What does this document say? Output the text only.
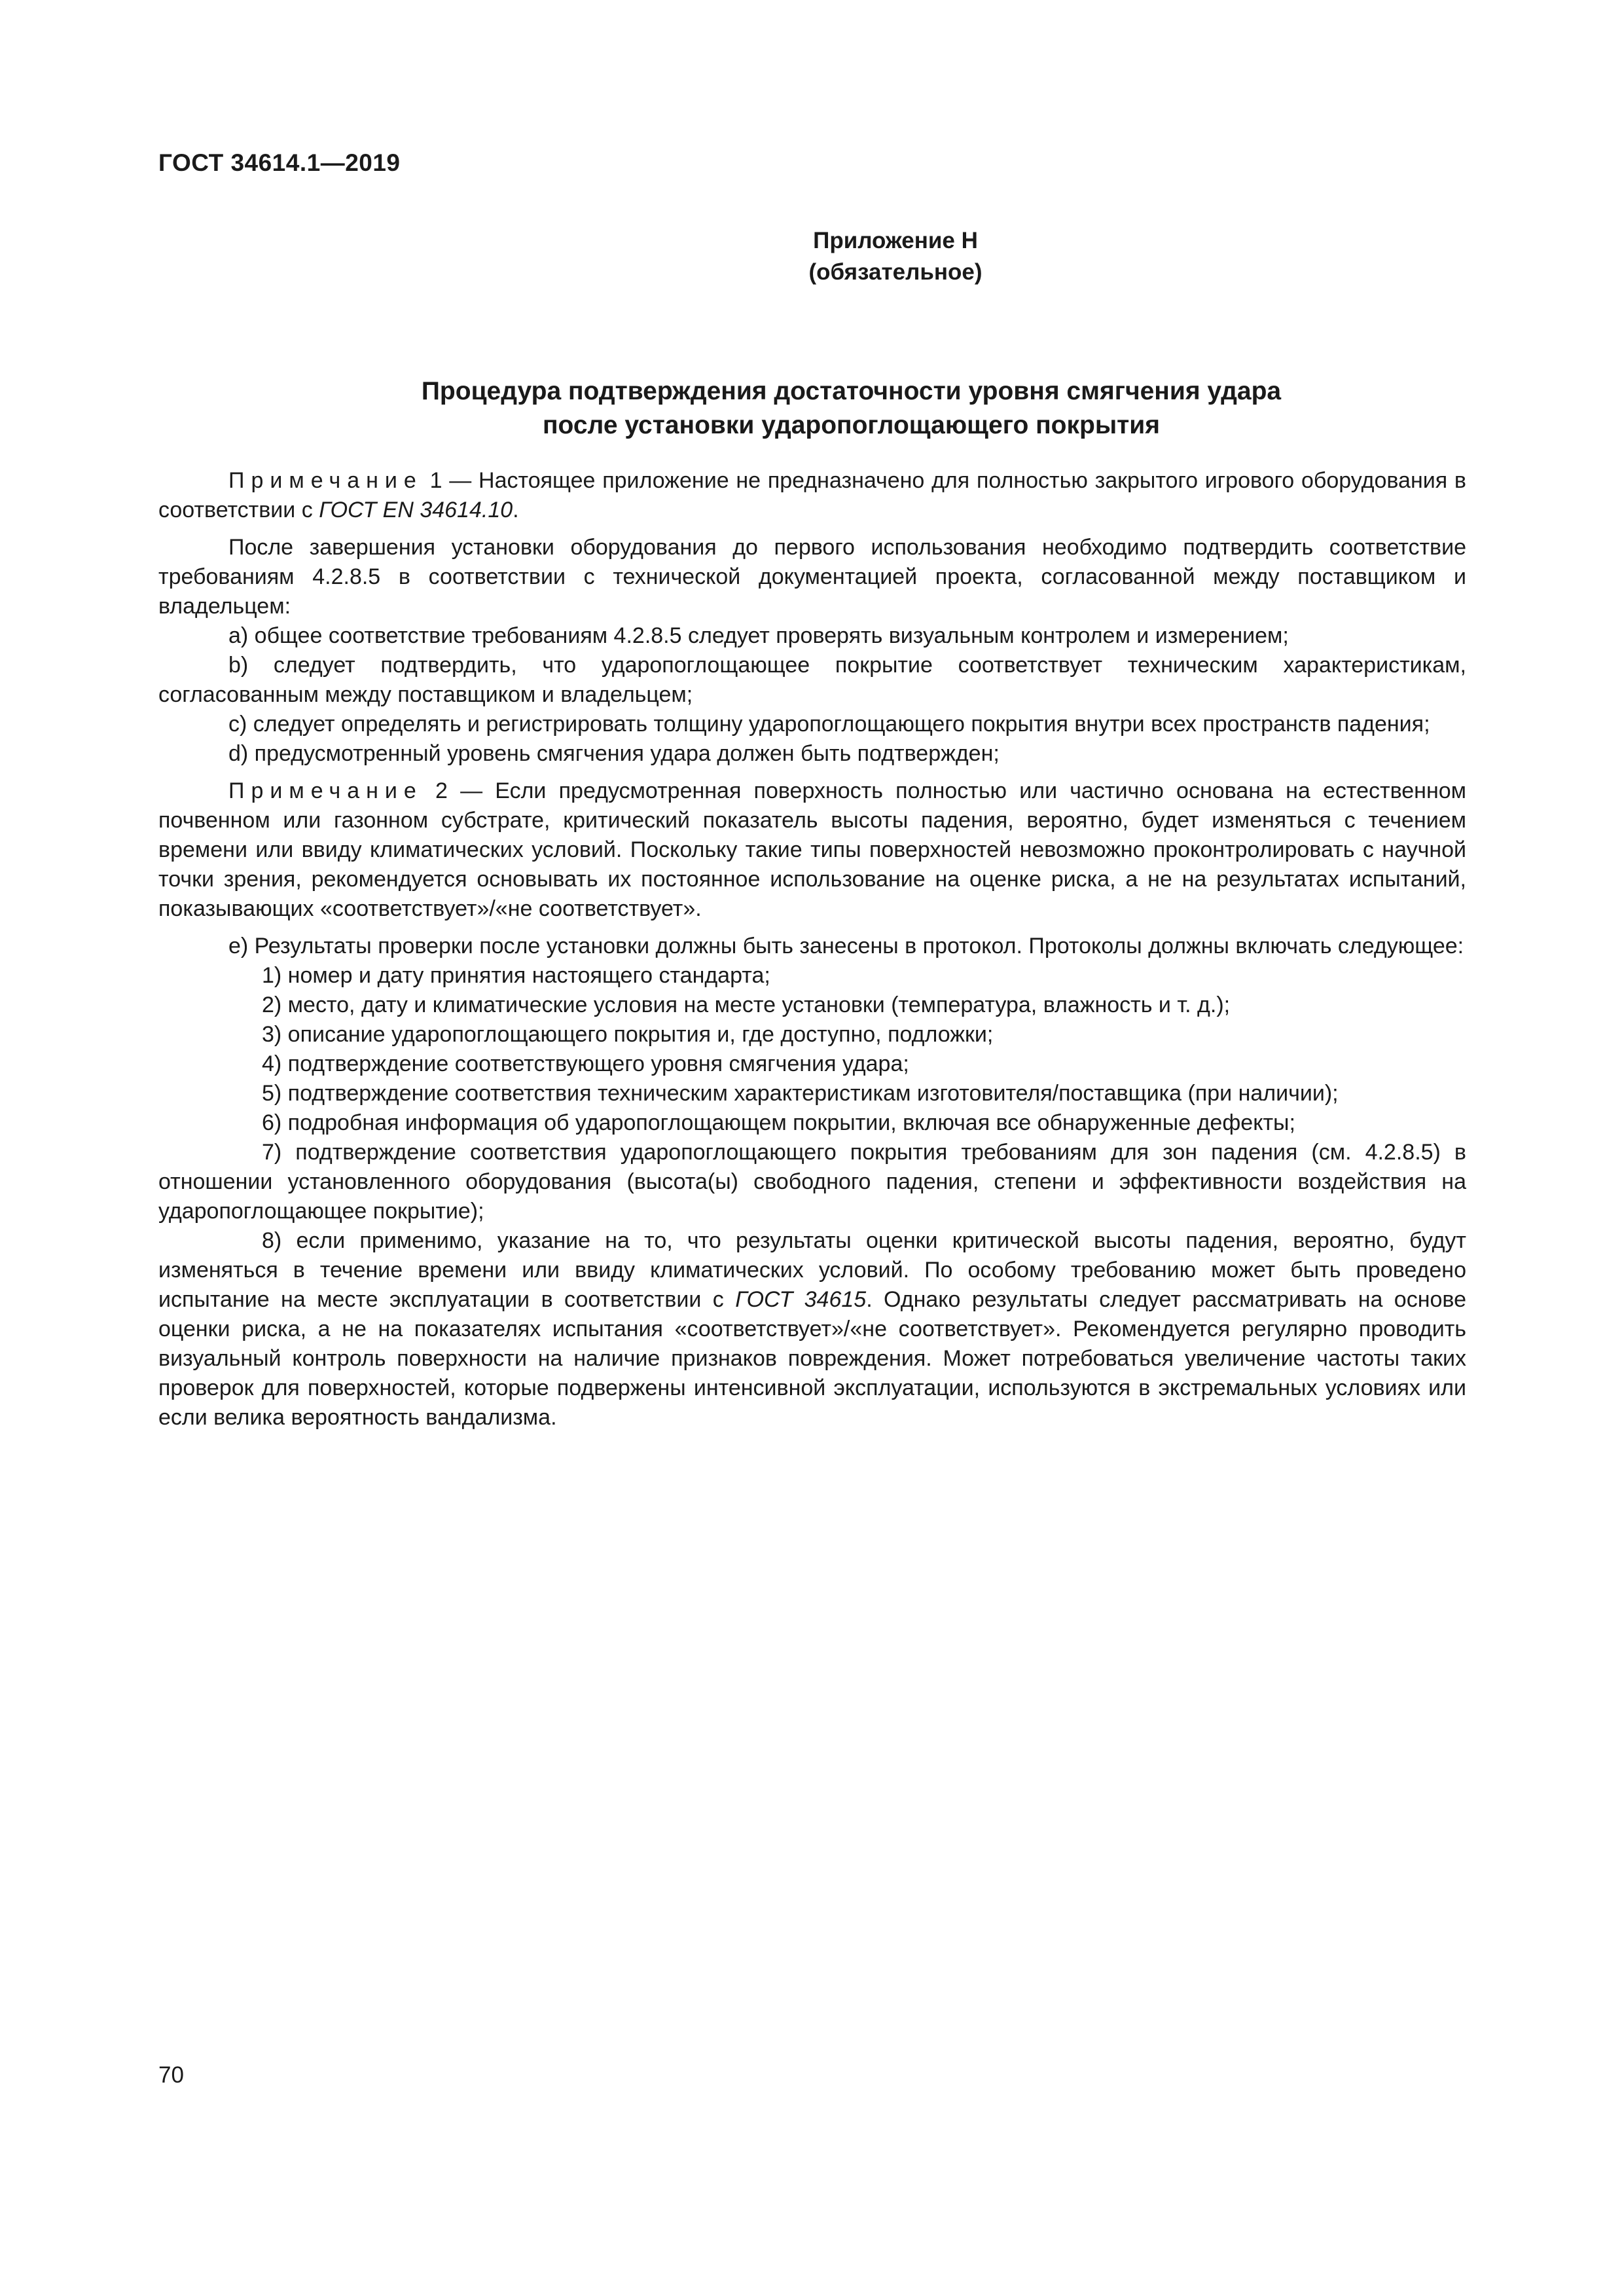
ГОСТ 34614.1—2019
Приложение Н
(обязательное)
Процедура подтверждения достаточности уровня смягчения удара
после установки ударопоглощающего покрытия

Примечание 1 — Настоящее приложение не предназначено для полностью закрытого игрового оборудования в соответствии с ГОСТ EN 34614.10.

После завершения установки оборудования до первого использования необходимо подтвердить соответствие требованиям 4.2.8.5 в соответствии с технической документацией проекта, согласованной между поставщиком и владельцем:

а) общее соответствие требованиям 4.2.8.5 следует проверять визуальным контролем и измерением;

b) следует подтвердить, что ударопоглощающее покрытие соответствует техническим характеристикам, согласованным между поставщиком и владельцем;

c) следует определять и регистрировать толщину ударопоглощающего покрытия внутри всех пространств падения;

d) предусмотренный уровень смягчения удара должен быть подтвержден;

Примечание 2 — Если предусмотренная поверхность полностью или частично основана на естественном почвенном или газонном субстрате, критический показатель высоты падения, вероятно, будет изменяться с течением времени или ввиду климатических условий. Поскольку такие типы поверхностей невозможно проконтролировать с научной точки зрения, рекомендуется основывать их постоянное использование на оценке риска, а не на результатах испытаний, показывающих «соответствует»/«не соответствует».

е) Результаты проверки после установки должны быть занесены в протокол. Протоколы должны включать следующее:

1) номер и дату принятия настоящего стандарта;

2) место, дату и климатические условия на месте установки (температура, влажность и т. д.);

3) описание ударопоглощающего покрытия и, где доступно, подложки;

4) подтверждение соответствующего уровня смягчения удара;

5) подтверждение соответствия техническим характеристикам изготовителя/поставщика (при наличии);

6) подробная информация об ударопоглощающем покрытии, включая все обнаруженные дефекты;

7) подтверждение соответствия ударопоглощающего покрытия требованиям для зон падения (см. 4.2.8.5) в отношении установленного оборудования (высота(ы) свободного падения, степени и эффективности воздействия на ударопоглощающее покрытие);

8) если применимо, указание на то, что результаты оценки критической высоты падения, вероятно, будут изменяться в течение времени или ввиду климатических условий. По особому требованию может быть проведено испытание на месте эксплуатации в соответствии с ГОСТ 34615. Однако результаты следует рассматривать на основе оценки риска, а не на показателях испытания «соответствует»/«не соответствует». Рекомендуется регулярно проводить визуальный контроль поверхности на наличие признаков повреждения. Может потребоваться увеличение частоты таких проверок для поверхностей, которые подвержены интенсивной эксплуатации, используются в экстремальных условиях или если велика вероятность вандализма.

70
